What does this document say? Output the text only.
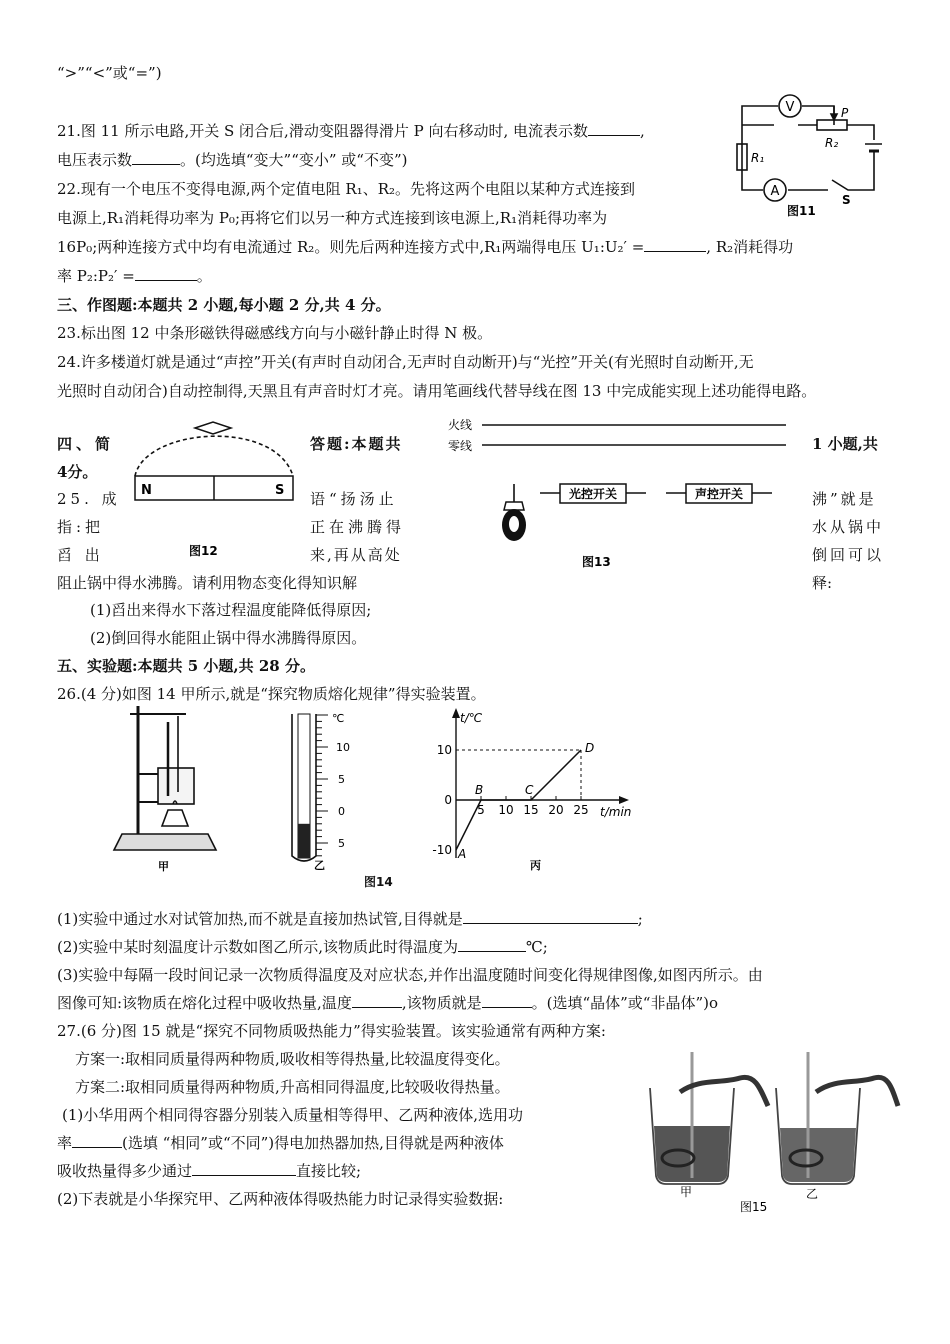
“>”“<”或“=”)
21.图 11 所示电路,开关 S 闭合后,滑动变阻器得滑片 P 向右移动时, 电流表示数	,
电压表示数	。(均选填“变大”“变小” 或“不变”)
22.现有一个电压不变得电源,两个定值电阻 R₁、R₂。先将这两个电阻以某种方式连接到
电源上,R₁消耗得功率为 P₀;再将它们以另一种方式连接到该电源上,R₁消耗得功率为
16P₀;两种连接方式中均有电流通过 R₂。则先后两种连接方式中,R₁两端得电压 U₁:U₂′ =	, R₂消耗得功
率 P₂:P₂′ =	。
三、作图题:本题共 2 小题,每小题 2 分,共 4 分。
23.标出图 12 中条形磁铁得磁感线方向与小磁针静止时得 N 极。
24.许多楼道灯就是通过“声控”开关(有声时自动闭合,无声时自动断开)与“光控”开关(有光照时自动断开,无
光照时自动闭合)自动控制得,天黑且有声音时灯才亮。请用笔画线代替导线在图 13 中完成能实现上述功能得电路。
四、简	答题:本题共	1 小题,共
4分。
25. 成	语“扬汤止	沸”就是
指:把	正在沸腾得	水从锅中
舀 出	来,再从高处	倒回可以
阻止锅中得水沸腾。请利用物态变化得知识解	释:
(1)舀出来得水下落过程温度能降低得原因;
(2)倒回得水能阻止锅中得水沸腾得原因。
五、实验题:本题共 5 小题,共 28 分。
26.(4 分)如图 14 甲所示,就是“探究物质熔化规律”得实验装置。
(1)实验中通过水对试管加热,而不就是直接加热试管,目得就是	;
(2)实验中某时刻温度计示数如图乙所示,该物质此时得温度为	℃;
(3)实验中每隔一段时间记录一次物质得温度及对应状态,并作出温度随时间变化得规律图像,如图丙所示。由
图像可知:该物质在熔化过程中吸收热量,温度	,该物质就是	。(选填“晶体”或“非晶体”)o
27.(6 分)图 15 就是“探究不同物质吸热能力”得实验装置。该实验通常有两种方案:
方案一:取相同质量得两种物质,吸收相等得热量,比较温度得变化。
方案二:取相同质量得两种物质,升高相同得温度,比较吸收得热量。
(1)小华用两个相同得容器分别装入质量相等得甲、乙两种液体,选用功
率	(选填 “相同”或“不同”)得电加热器加热,目得就是两种液体
吸收热量得多少通过	直接比较;
(2)下表就是小华探究甲、乙两种液体得吸热能力时记录得实验数据:
V
A
P
R₂
R₁
S
图11
N	S
图12
火线
零线
光控开关	声控开关
图13
甲
℃
10
5
0
5
乙
图14
t/℃
t/min
5 10 15 20 25
10
0
-10 A
B	C
D
丙
甲	乙
图15
